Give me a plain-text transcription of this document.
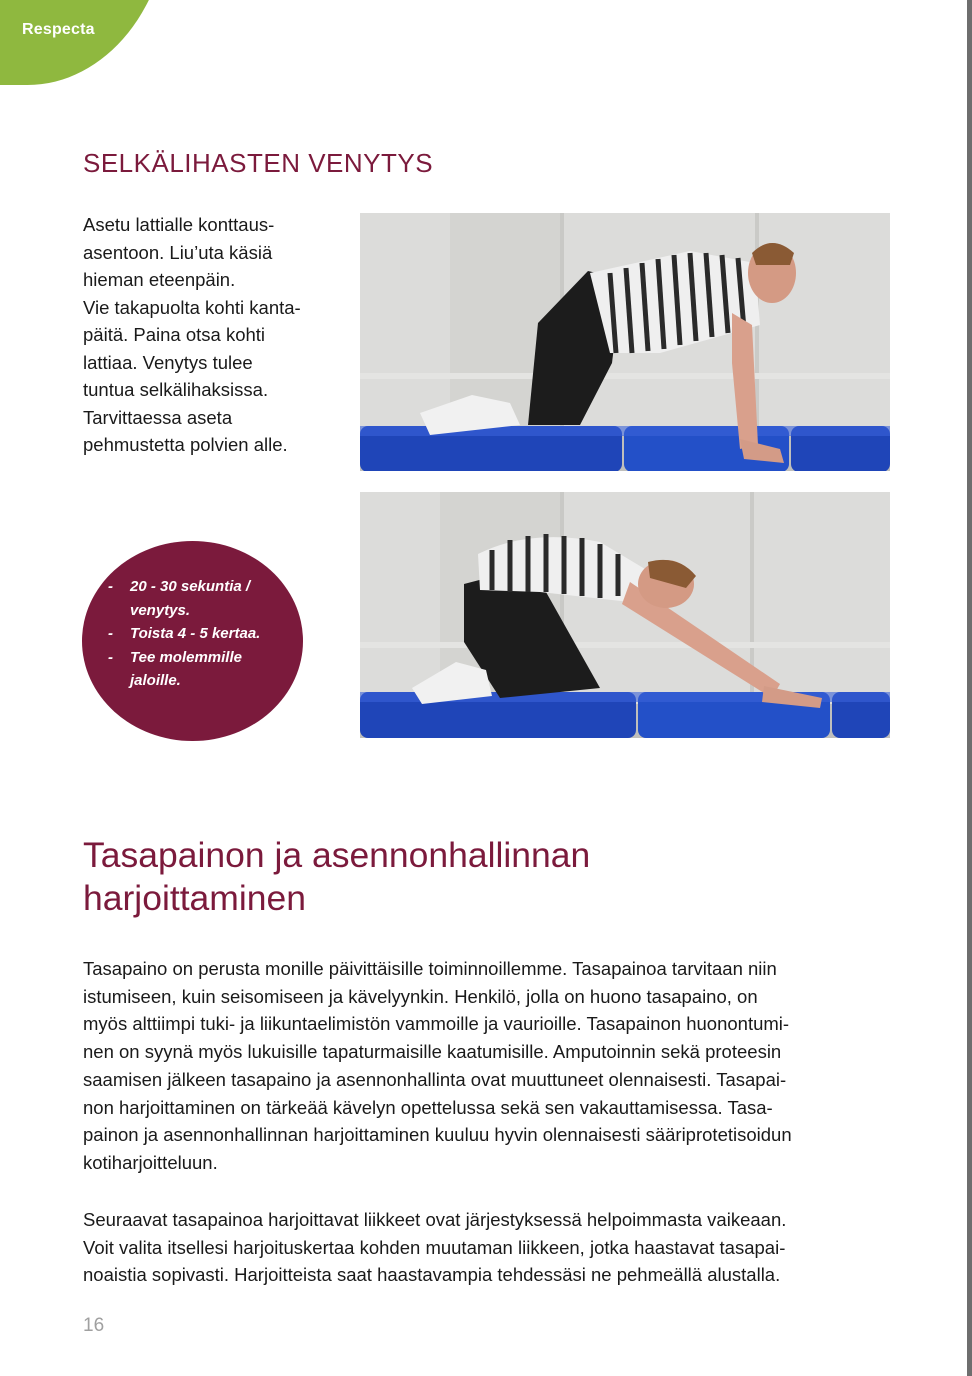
Respecta
SELKÄLIHASTEN VENYTYS

Asetu lattialle konttaus-
asentoon. Liu’uta käsiä
hieman eteenpäin.
Vie takapuolta kohti kanta-
päitä. Paina otsa kohti
lattiaa. Venytys tulee
tuntua selkälihaksissa.
Tarvittaessa aseta
pehmustetta polvien alle.

- 20 - 30 sekuntia /
venytys.
- Toista 4 - 5 kertaa.
- Tee molemmille
jaloille.
Tasapainon ja asennonhallinnan
harjoittaminen

Tasapaino on perusta monille päivittäisille toiminnoillemme. Tasapainoa tarvitaan niin
istumiseen, kuin seisomiseen ja kävelyynkin. Henkilö, jolla on huono tasapaino, on
myös alttiimpi tuki- ja liikuntaelimistön vammoille ja vaurioille. Tasapainon huonontumi-
nen on syynä myös lukuisille tapaturmaisille kaatumisille. Amputoinnin sekä proteesin
saamisen jälkeen tasapaino ja asennonhallinta ovat muuttuneet olennaisesti. Tasapai-
non harjoittaminen on tärkeää kävelyn opettelussa sekä sen vakauttamisessa. Tasa-
painon ja asennonhallinnan harjoittaminen kuuluu hyvin olennaisesti sääriprotetisoidun
kotiharjoitteluun.

Seuraavat tasapainoa harjoittavat liikkeet ovat järjestyksessä helpoimmasta vaikeaan.
Voit valita itsellesi harjoituskertaa kohden muutaman liikkeen, jotka haastavat tasapai-
noaistia sopivasti. Harjoitteista saat haastavampia tehdessäsi ne pehmeällä alustalla.

16
